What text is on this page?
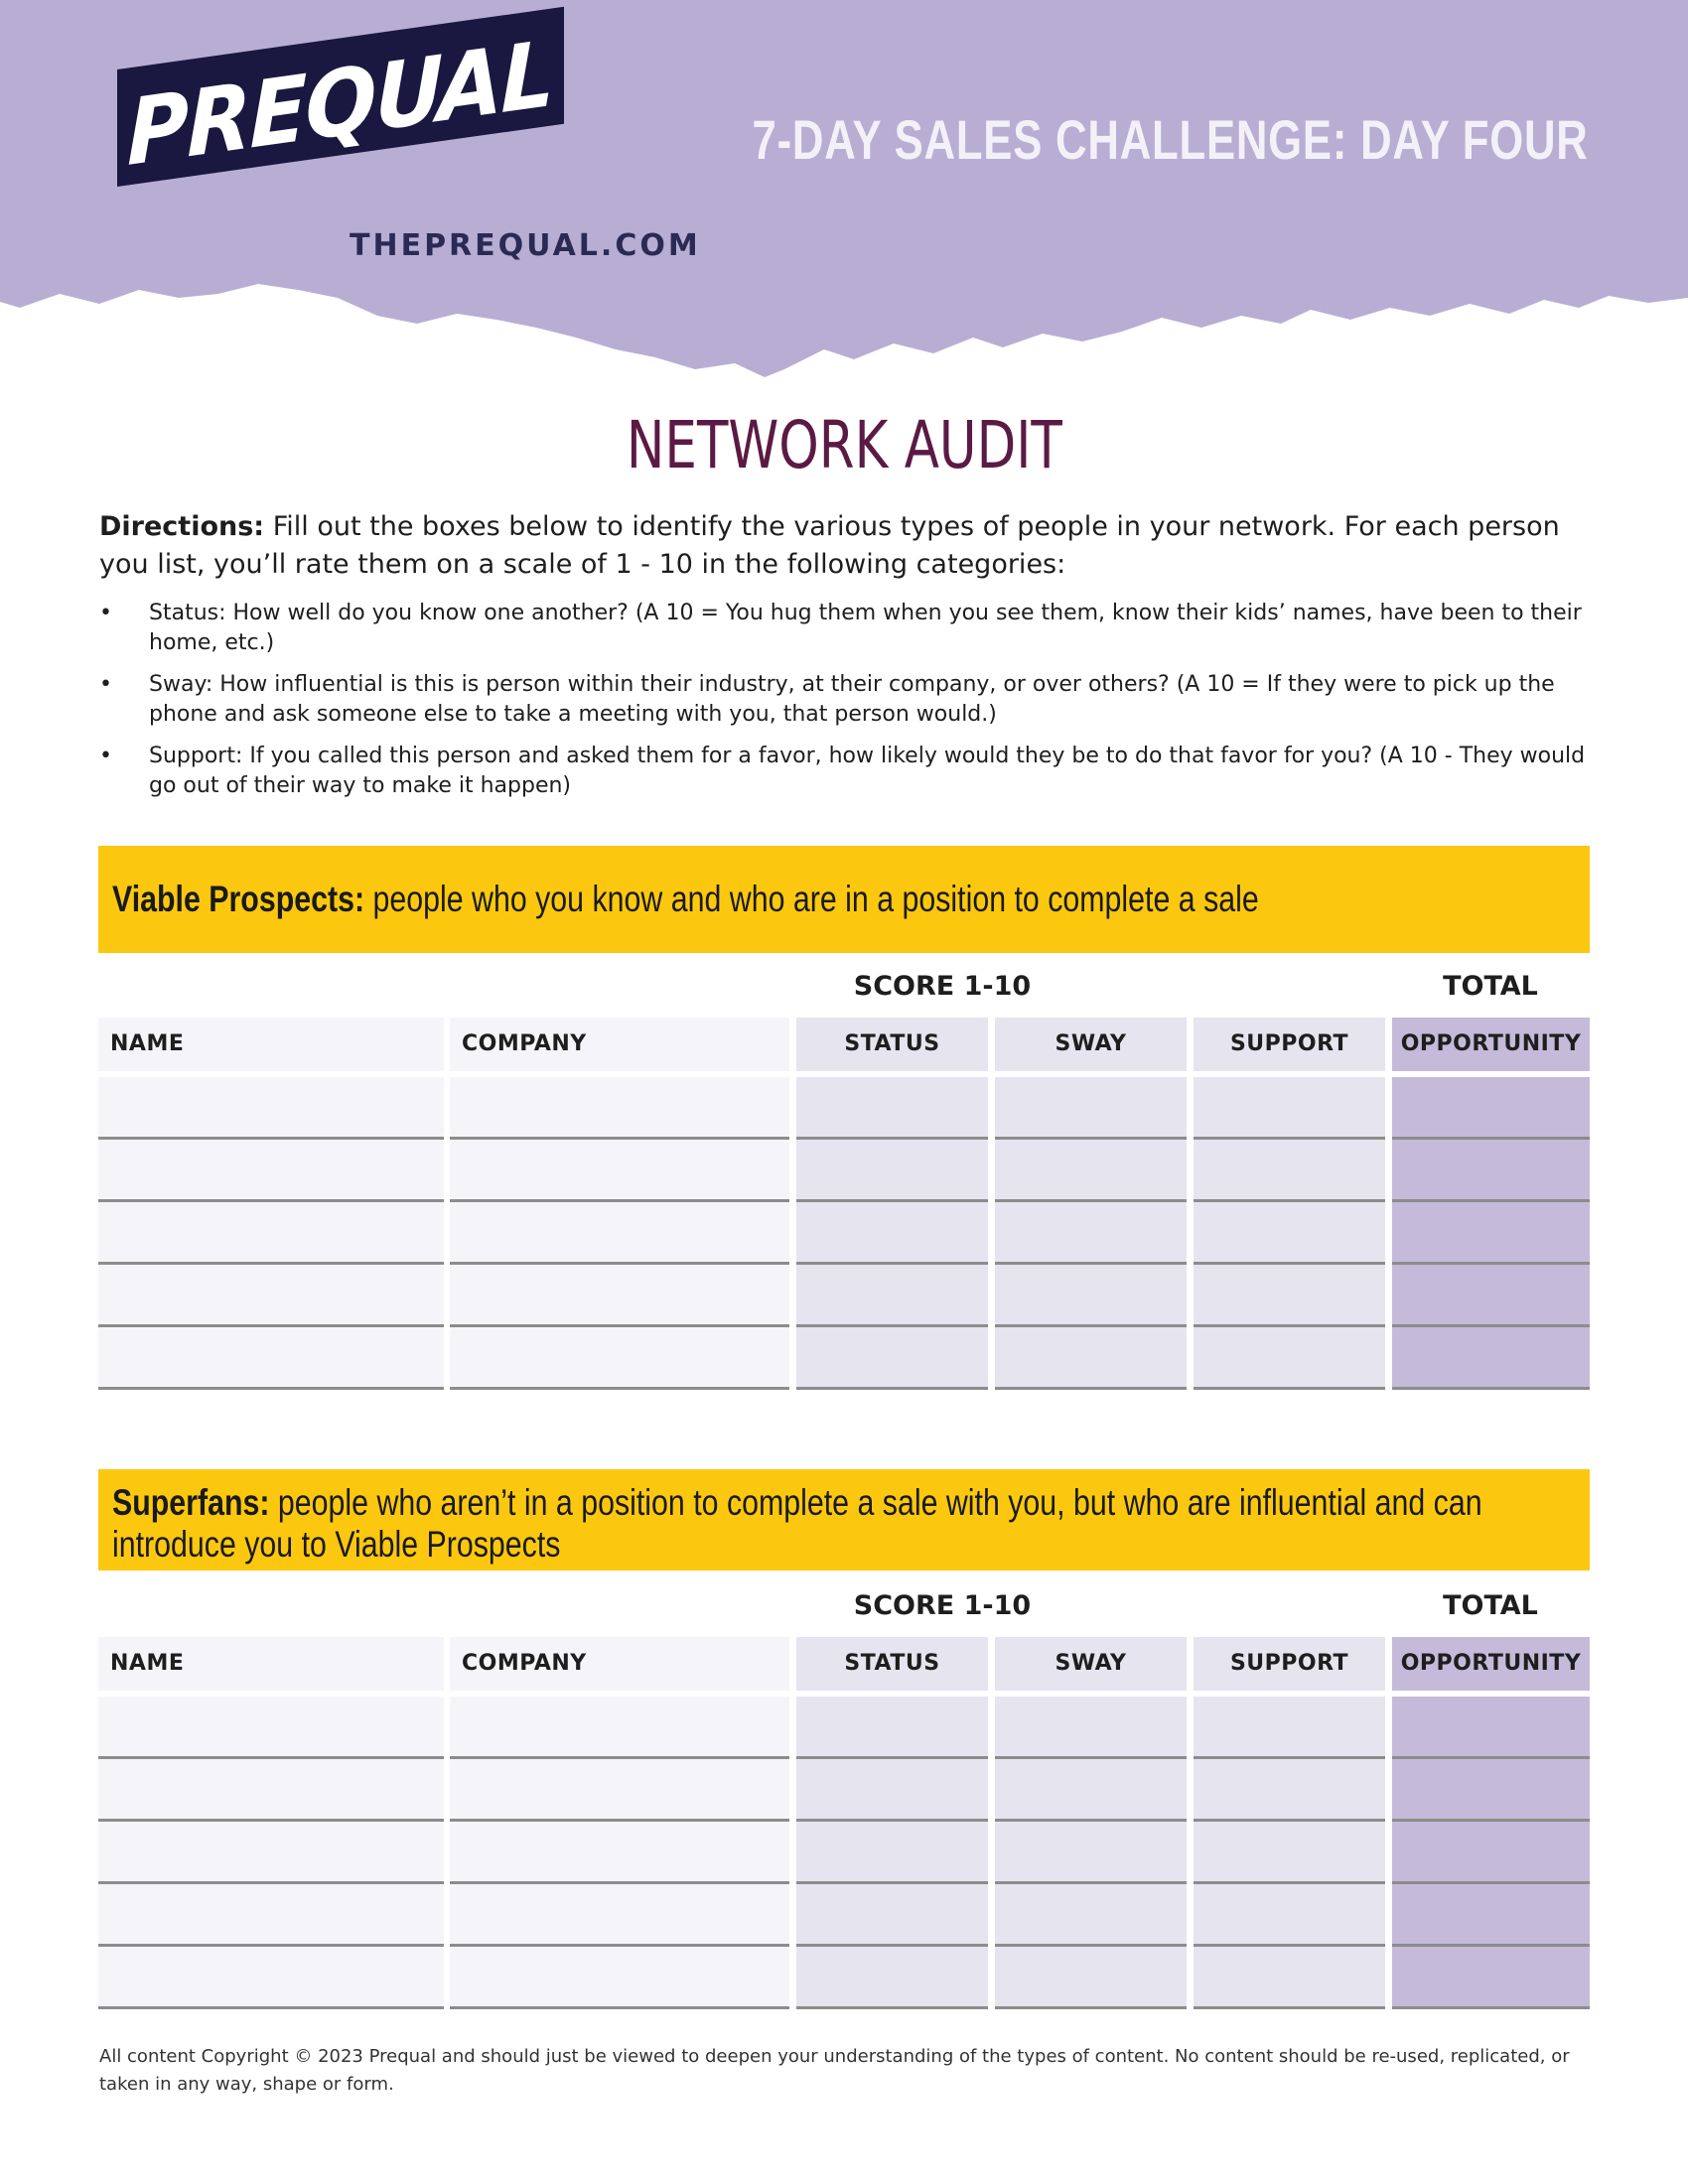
PREQUAL
THEPREQUAL.COM
7-DAY SALES CHALLENGE: DAY FOUR
NETWORK AUDIT
Directions: Fill out the boxes below to identify the various types of people in your network. For each person you list, you’ll rate them on a scale of 1 - 10 in the following categories:
• Status: How well do you know one another? (A 10 = You hug them when you see them, know their kids’ names, have been to their home, etc.)
• Sway: How influential is this is person within their industry, at their company, or over others? (A 10 = If they were to pick up the phone and ask someone else to take a meeting with you, that person would.)
• Support: If you called this person and asked them for a favor, how likely would they be to do that favor for you? (A 10 - They would go out of their way to make it happen)
Viable Prospects: people who you know and who are in a position to complete a sale
SCORE 1-10	TOTAL
NAME	COMPANY	STATUS	SWAY	SUPPORT	OPPORTUNITY
Superfans: people who aren’t in a position to complete a sale with you, but who are influential and can introduce you to Viable Prospects
SCORE 1-10	TOTAL
NAME	COMPANY	STATUS	SWAY	SUPPORT	OPPORTUNITY
All content Copyright © 2023 Prequal and should just be viewed to deepen your understanding of the types of content. No content should be re-used, replicated, or taken in any way, shape or form.
